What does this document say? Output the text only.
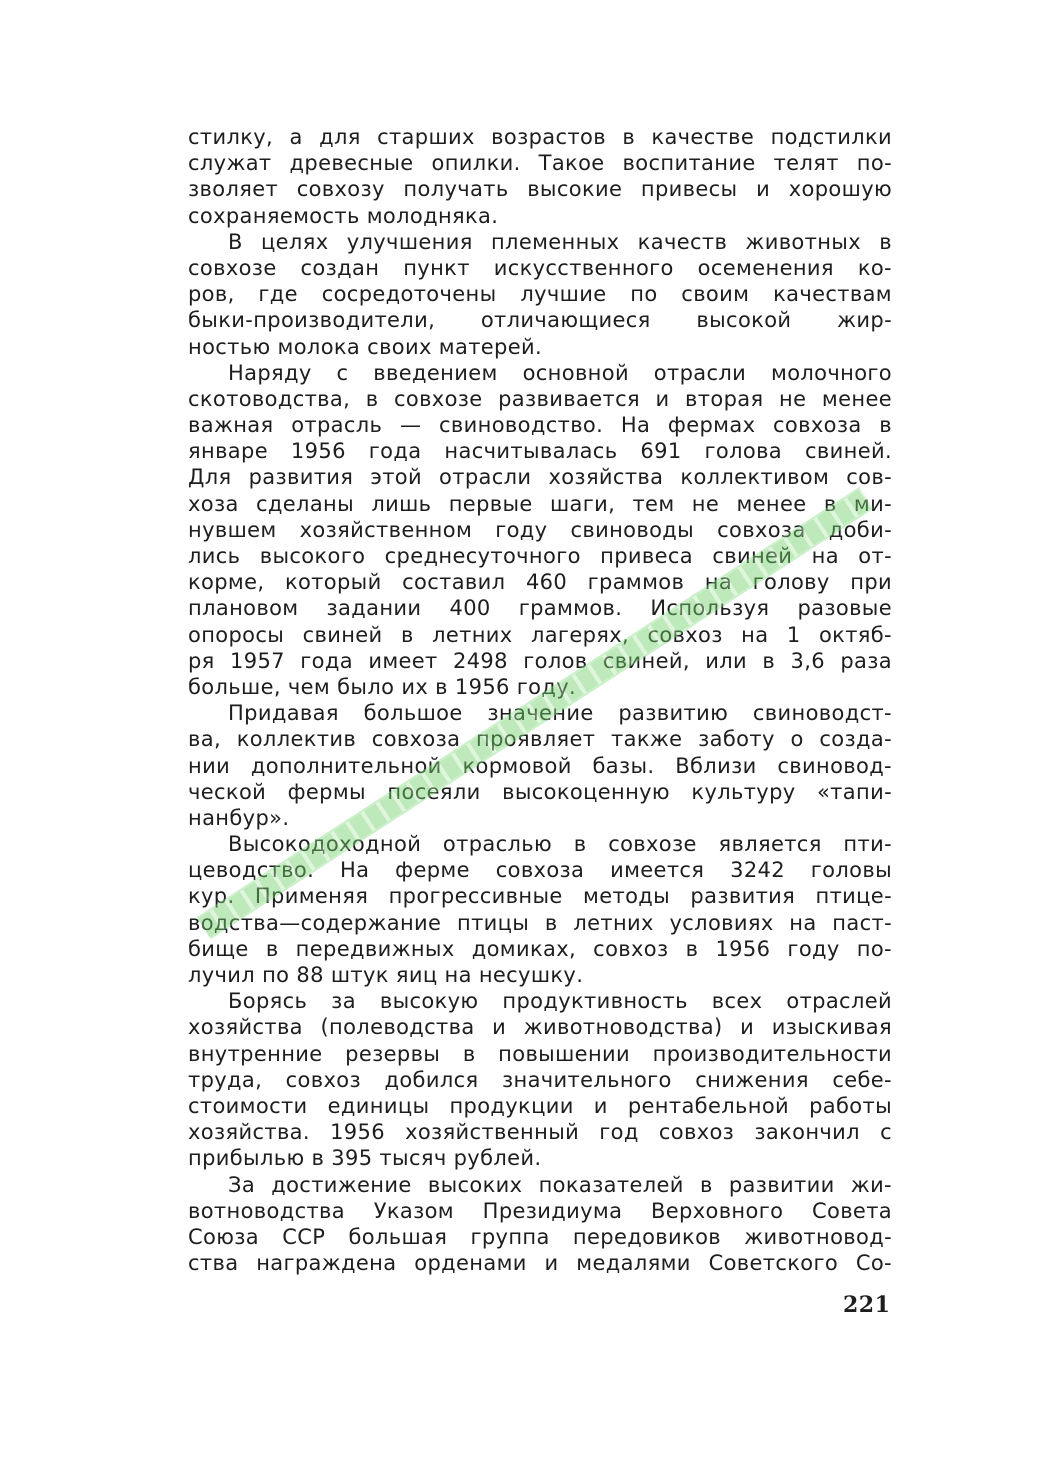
стилку, а для старших возрастов в качестве подстилки
служат древесные опилки. Такое воспитание телят по-
зволяет совхозу получать высокие привесы и хорошую
сохраняемость молодняка.
В целях улучшения племенных качеств животных в
совхозе создан пункт искусственного осеменения ко-
ров, где сосредоточены лучшие по своим качествам
быки-производители, отличающиеся высокой жир-
ностью молока своих матерей.
Наряду с введением основной отрасли молочного
скотоводства, в совхозе развивается и вторая не менее
важная отрасль — свиноводство. На фермах совхоза в
январе 1956 года насчитывалась 691 голова свиней.
Для развития этой отрасли хозяйства коллективом сов-
хоза сделаны лишь первые шаги, тем не менее в ми-
нувшем хозяйственном году свиноводы совхоза доби-
лись высокого среднесуточного привеса свиней на от-
корме, который составил 460 граммов на голову при
плановом задании 400 граммов. Используя разовые
опоросы свиней в летних лагерях, совхоз на 1 октяб-
ря 1957 года имеет 2498 голов свиней, или в 3,6 раза
больше, чем было их в 1956 году.
Придавая большое значение развитию свиноводст-
ва, коллектив совхоза проявляет также заботу о созда-
нии дополнительной кормовой базы. Вблизи свиновод-
ческой фермы посеяли высокоценную культуру «тапи-
нанбур».
Высокодоходной отраслью в совхозе является пти-
цеводство. На ферме совхоза имеется 3242 головы
кур. Применяя прогрессивные методы развития птице-
водства—содержание птицы в летних условиях на паст-
бище в передвижных домиках, совхоз в 1956 году по-
лучил по 88 штук яиц на несушку.
Борясь за высокую продуктивность всех отраслей
хозяйства (полеводства и животноводства) и изыскивая
внутренние резервы в повышении производительности
труда, совхоз добился значительного снижения себе-
стоимости единицы продукции и рентабельной работы
хозяйства. 1956 хозяйственный год совхоз закончил с
прибылью в 395 тысяч рублей.
За достижение высоких показателей в развитии жи-
вотноводства Указом Президиума Верховного Совета
Союза ССР большая группа передовиков животновод-
ства награждена орденами и медалями Советского Со-
221
